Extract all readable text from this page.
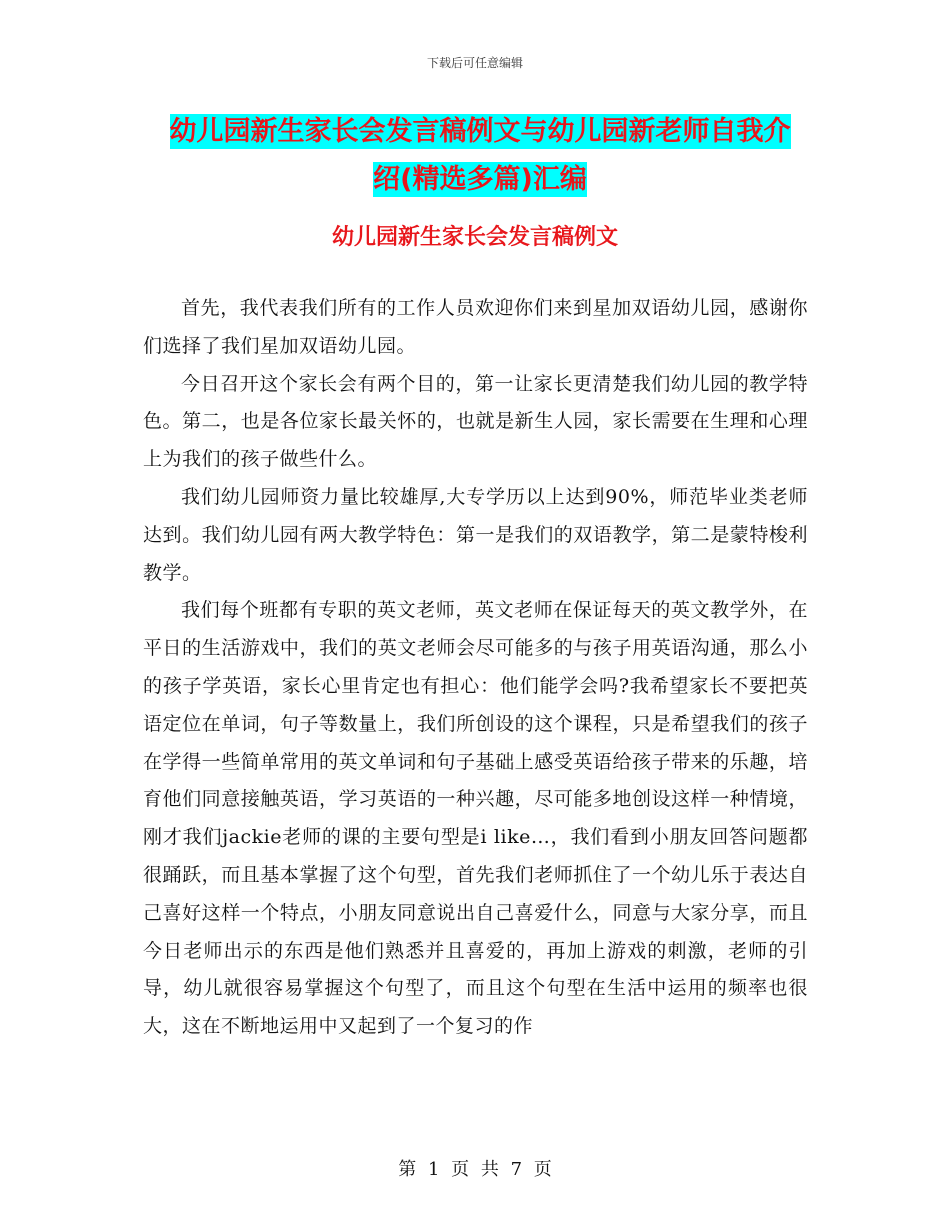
下载后可任意编辑
幼儿园新生家长会发言稿例文与幼儿园新老师自我介
绍(精选多篇)汇编
幼儿园新生家长会发言稿例文

首先，我代表我们所有的工作人员欢迎你们来到星加双语幼儿园，感谢你们选择了我们星加双语幼儿园。

今日召开这个家长会有两个目的，第一让家长更清楚我们幼儿园的教学特色。第二，也是各位家长最关怀的，也就是新生人园，家长需要在生理和心理上为我们的孩子做些什么。

我们幼儿园师资力量比较雄厚,大专学历以上达到90%，师范毕业类老师达到。我们幼儿园有两大教学特色：第一是我们的双语教学，第二是蒙特梭利教学。

我们每个班都有专职的英文老师，英文老师在保证每天的英文教学外，在平日的生活游戏中，我们的英文老师会尽可能多的与孩子用英语沟通，那么小的孩子学英语，家长心里肯定也有担心：他们能学会吗?我希望家长不要把英语定位在单词，句子等数量上，我们所创设的这个课程，只是希望我们的孩子在学得一些简单常用的英文单词和句子基础上感受英语给孩子带来的乐趣，培育他们同意接触英语，学习英语的一种兴趣，尽可能多地创设这样一种情境，刚才我们jackie老师的课的主要句型是i like…，我们看到小朋友回答问题都很踊跃，而且基本掌握了这个句型，首先我们老师抓住了一个幼儿乐于表达自己喜好这样一个特点，小朋友同意说出自己喜爱什么，同意与大家分享，而且今日老师出示的东西是他们熟悉并且喜爱的，再加上游戏的刺激，老师的引导，幼儿就很容易掌握这个句型了，而且这个句型在生活中运用的频率也很大，这在不断地运用中又起到了一个复习的作

第 1 页 共 7 页
